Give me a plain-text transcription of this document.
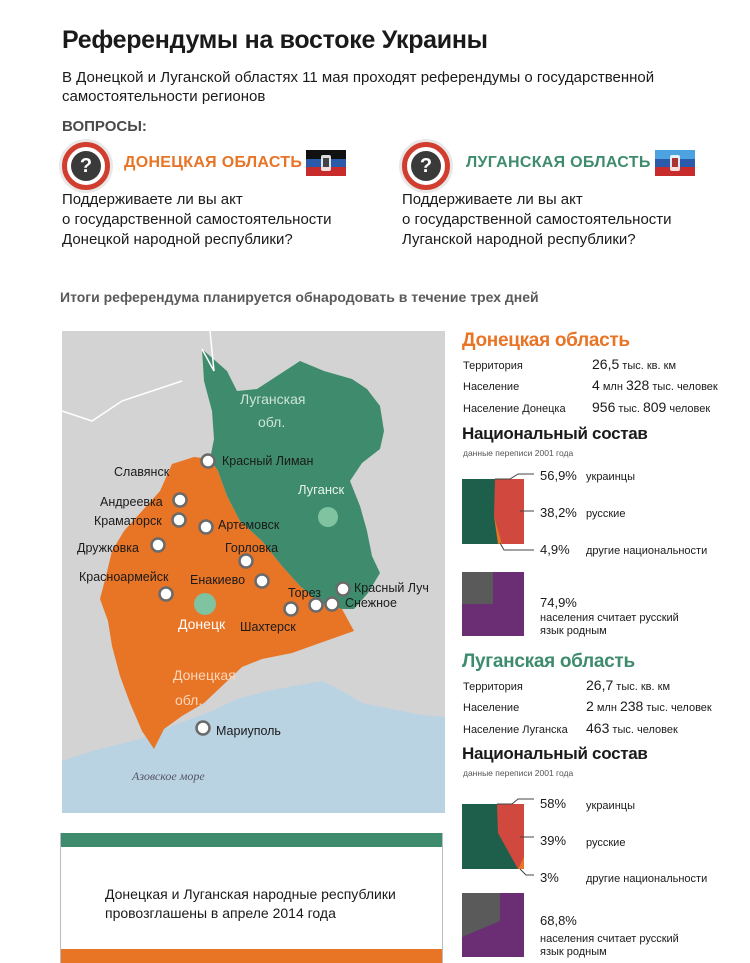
Референдумы на востоке Украины
В Донецкой и Луганской областях 11 мая проходят референдумы о государственной самостоятельности регионов
ВОПРОСЫ:
?	ДОНЕЦКАЯ ОБЛАСТЬ
Поддерживаете ли вы акт
о государственной самостоятельности
Донецкой народной республики?
?	ЛУГАНСКАЯ ОБЛАСТЬ
Поддерживаете ли вы акт
о государственной самостоятельности
Луганской народной республики?
Итоги референдума планируется обнародовать в течение трех дней
Луганская
обл.
Донецкая
обл.
Азовское море
Луганск
Донецк
Славянск
Красный Лиман
Андреевка
Краматорск	Артемовск
Дружковка	Горловка
Красноармейск Енакиево
Торез	Красный Луч
Снежное
Шахтерск
Мариуполь
Донецкая и Луганская народные республики
провозглашены в апреле 2014 года
Донецкая область
Территория	26,5 тыс. кв. км
Население	4 млн 328 тыс. человек
Население Донецка 956 тыс. 809 человек
Национальный состав
данные переписи 2001 года
56,9% украинцы
38,2% русские
4,9% другие национальности
74,9%
населения считает русский
язык родным
Луганская область
Территория	26,7 тыс. кв. км
Население	2 млн 238 тыс. человек
Население Луганска 463 тыс. человек
Национальный состав
данные переписи 2001 года
58% украинцы
39% русские
3% другие национальности
68,8%
населения считает русский
язык родным
